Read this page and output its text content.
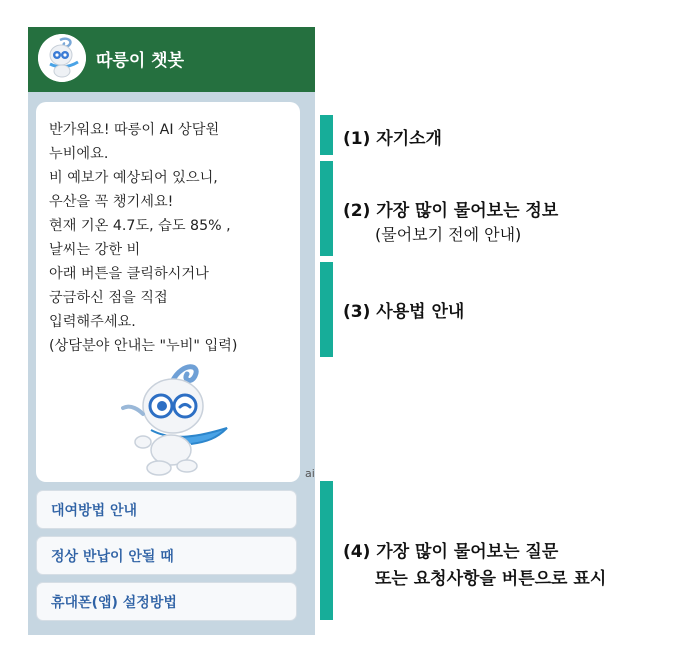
따릉이 챗봇
반가워요! 따릉이 AI 상담원
누비에요.
비 예보가 예상되어 있으니,
우산을 꼭 챙기세요!
현재 기온 4.7도, 습도 85% ,
날씨는 강한 비
아래 버튼을 클릭하시거나
궁금하신 점을 직접
입력해주세요.
(상담분야 안내는 "누비" 입력)
ai
대여방법 안내
정상 반납이 안될 때
휴대폰(앱) 설정방법
(1) 자기소개
(2) 가장 많이 물어보는 정보
(물어보기 전에 안내)
(3) 사용법 안내
(4) 가장 많이 물어보는 질문
또는 요청사항을 버튼으로 표시
